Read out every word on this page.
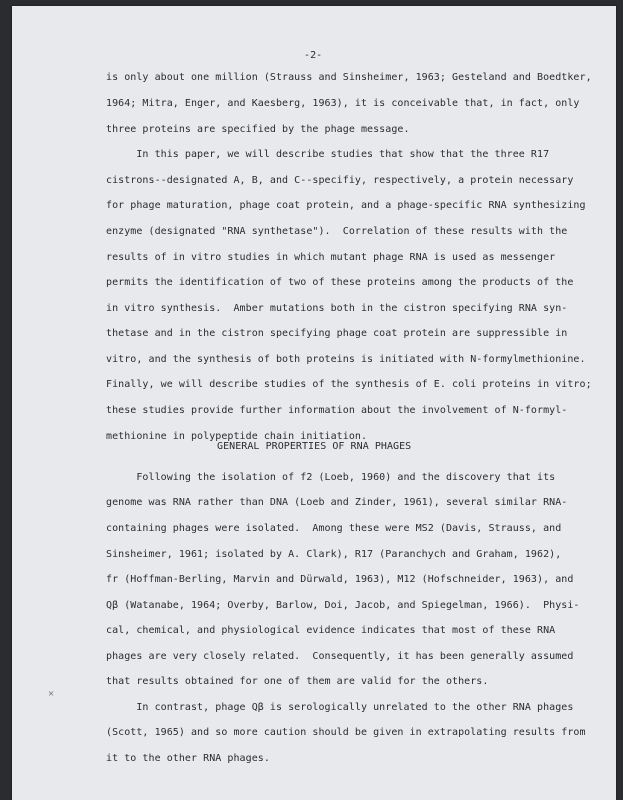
-2-
is only about one million (Strauss and Sinsheimer, 1963; Gesteland and Boedtker,
1964; Mitra, Enger, and Kaesberg, 1963), it is conceivable that, in fact, only
three proteins are specified by the phage message.
In this paper, we will describe studies that show that the three R17
cistrons--designated A, B, and C--specifiy, respectively, a protein necessary
for phage maturation, phage coat protein, and a phage-specific RNA synthesizing
enzyme (designated "RNA synthetase").  Correlation of these results with the
results of in vitro studies in which mutant phage RNA is used as messenger
permits the identification of two of these proteins among the products of the
in vitro synthesis.  Amber mutations both in the cistron specifying RNA syn-
thetase and in the cistron specifying phage coat protein are suppressible in
vitro, and the synthesis of both proteins is initiated with N-formylmethionine.
Finally, we will describe studies of the synthesis of E. coli proteins in vitro;
these studies provide further information about the involvement of N-formyl-
methionine in polypeptide chain initiation.
GENERAL PROPERTIES OF RNA PHAGES
Following the isolation of f2 (Loeb, 1960) and the discovery that its
genome was RNA rather than DNA (Loeb and Zinder, 1961), several similar RNA-
containing phages were isolated.  Among these were MS2 (Davis, Strauss, and
Sinsheimer, 1961; isolated by A. Clark), R17 (Paranchych and Graham, 1962),
fr (Hoffman-Berling, Marvin and Dürwald, 1963), M12 (Hofschneider, 1963), and
Qβ (Watanabe, 1964; Overby, Barlow, Doi, Jacob, and Spiegelman, 1966).  Physi-
cal, chemical, and physiological evidence indicates that most of these RNA
phages are very closely related.  Consequently, it has been generally assumed
that results obtained for one of them are valid for the others.
In contrast, phage Qβ is serologically unrelated to the other RNA phages
(Scott, 1965) and so more caution should be given in extrapolating results from
it to the other RNA phages.
×
